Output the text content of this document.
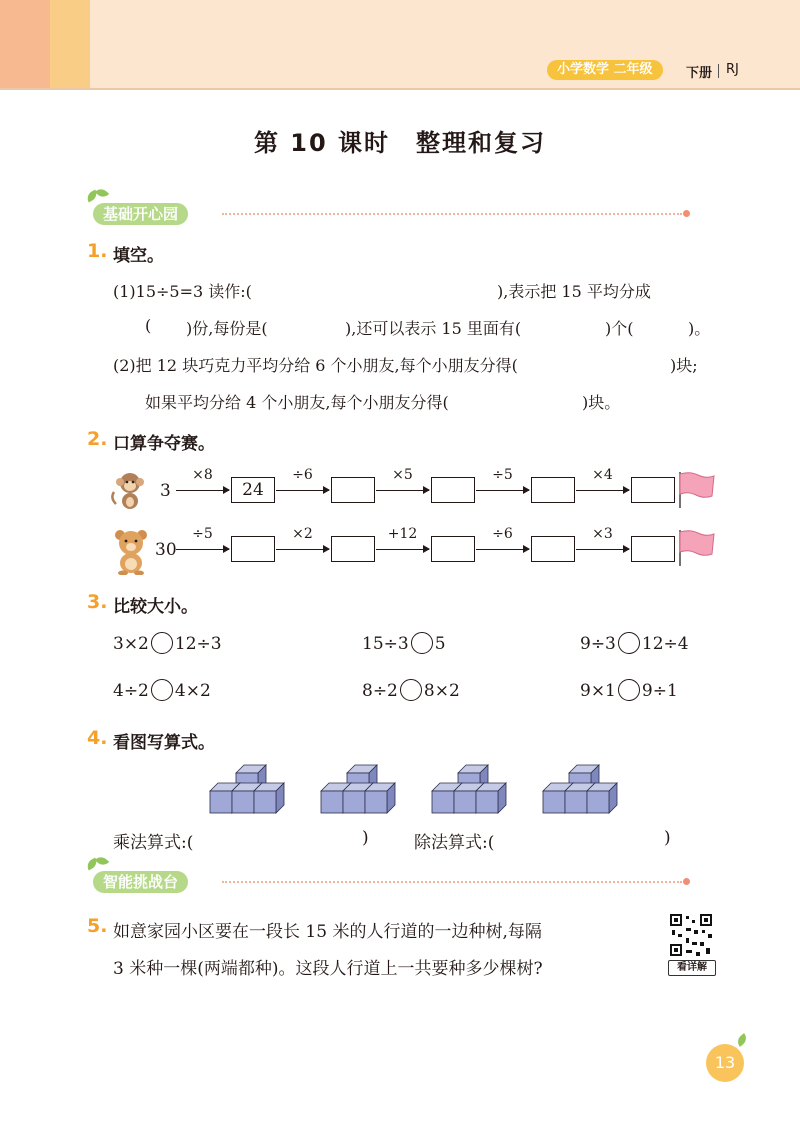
小学数学 二年级	下册 RJ
第 10 课时 整理和复习
基础开心园
1. 填空。
(1)15÷5=3 读作:(	),表示把 15 平均分成
( )份,每份是(	),还可以表示 15 里面有(	)个(	)。
(2)把 12 块巧克力平均分给 6 个小朋友,每个小朋友分得(	)块;
如果平均分给 4 个小朋友,每个小朋友分得(	)块。
2. 口算争夺赛。
3
×8
24
÷6	×5	÷5	×4
30
÷5	×2	+12	÷6	×3
3. 比较大小。
3×2 12÷3	15÷3 5	9÷3 12÷4
4÷2 4×2	8÷2 8×2	9×1 9÷1
4. 看图写算式。
乘法算式:(	)	除法算式:(	)
智能挑战台
5. 如意家园小区要在一段长 15 米的人行道的一边种树,每隔
3 米种一棵(两端都种)。这段人行道上一共要种多少棵树?	看详解
13
